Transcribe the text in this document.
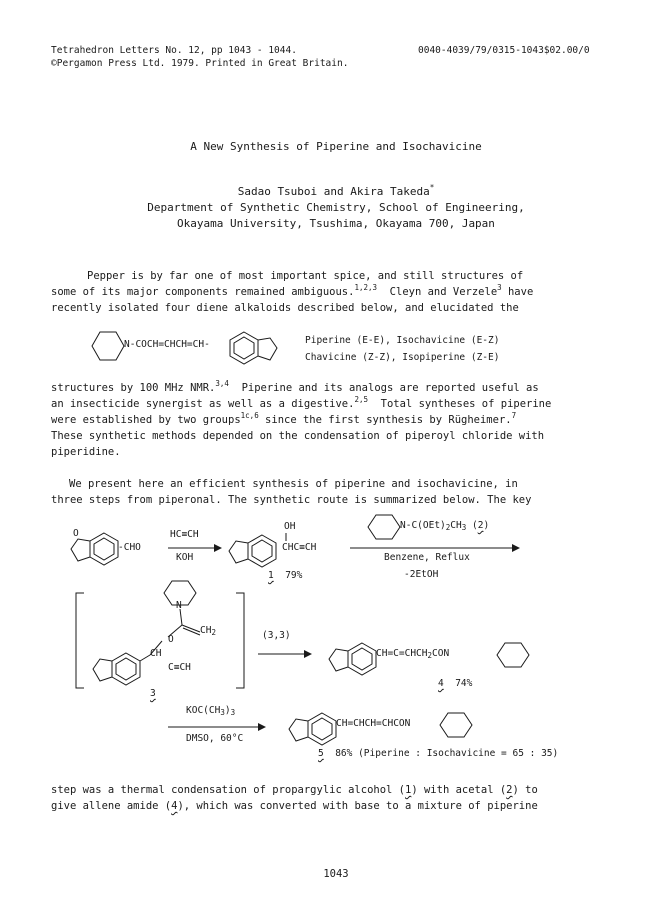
Tetrahedron Letters No. 12, pp 1043 - 1044.
©Pergamon Press Ltd. 1979. Printed in Great Britain.
0040-4039/79/0315-1043$02.00/0
A New Synthesis of Piperine and Isochavicine
Sadao Tsuboi and Akira Takeda*
Department of Synthetic Chemistry, School of Engineering,
Okayama University, Tsushima, Okayama 700, Japan
Pepper is by far one of most important spice, and still structures of
some of its major components remained ambiguous.$^{1,2,3}$ Cleyn and Verzele$^3$ have
recently isolated four diene alkaloids described below, and elucidated the
N-COCH=CHCH=CH-	Piperine (E-E), Isochavicine (E-Z)
Chavicine (Z-Z), Isopiperine (Z-E)
structures by 100 MHz NMR.$^{3,4}$ Piperine and its analogs are reported useful as
an insecticide synergist as well as a digestive.$^{2,5}$ Total syntheses of piperine
were established by two groups$^{1c,6}$ since the first synthesis by Rügheimer.$^7$
These synthetic methods depended on the condensation of piperoyl chloride with
piperidine.
We present here an efficient synthesis of piperine and isochavicine, in
three steps from piperonal. The synthetic route is summarized below. The key
-CHO
O	HC≡CH
KOH
OH
CHC≡CH
1 79%
$N-C(OEt)_2CH_3$ (2)
Benzene, Reflux
-2EtOH
N
O
$CH_2$
CH
C≡CH
3
(3,3)
$CH=C=CHCH_2CON$
4 74%
$KOC(CH_3)_3$
DMSO, 60°C
CH=CHCH=CHCON
5 86% (Piperine : Isochavicine = 65 : 35)
step was a thermal condensation of propargylic alcohol (1) with acetal (2) to
give allene amide (4), which was converted with base to a mixture of piperine
1043
